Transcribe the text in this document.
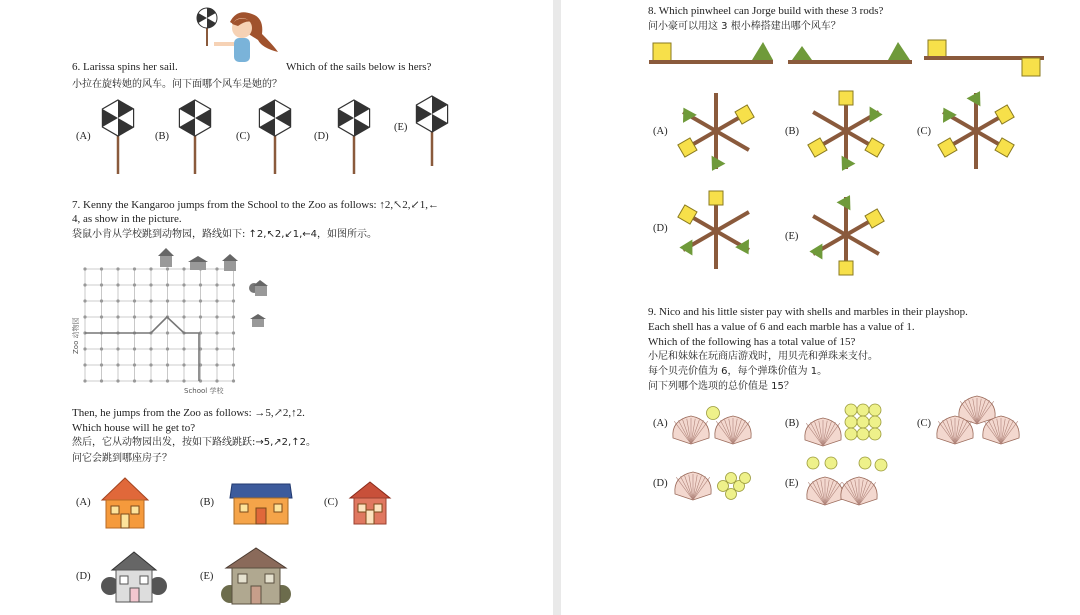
6. Larissa spins her sail.	Which of the sails below is hers?
小拉在旋转她的风车。问下面哪个风车是她的？
(A)	(B)	(C)	(D)
(E)
7. Kenny the Kangaroo jumps from the School to the Zoo as follows: ↑2,↖2,↙1,←
4, as show in the picture.
袋鼠小肯从学校跳到动物园，路线如下: ↑2,↖2,↙1,←4，如图所示。
Zoo 动物园
School 学校
Then, he jumps from the Zoo as follows: →5,↗2,↑2.
Which house will he get to?
然后，它从动物园出发，按如下路线跳跃:→5,↗2,↑2。
问它会跳到哪座房子？
(A)	(B)	(C)
(D)	(E)
8. Which pinwheel can Jorge build with these 3 rods?
问小豪可以用这 3 根小棒搭建出哪个风车？
(A)	(B)	(C)
(D)
(E)
9. Nico and his little sister pay with shells and marbles in their playshop.
Each shell has a value of 6 and each marble has a value of 1.
Which of the following has a total value of 15?
小尼和妹妹在玩商店游戏时，用贝壳和弹珠来支付。
每个贝壳价值为 6，每个弹珠价值为 1。
问下列哪个选项的总价值是 15？
(A)	(B)	(C)
(D)	(E)
